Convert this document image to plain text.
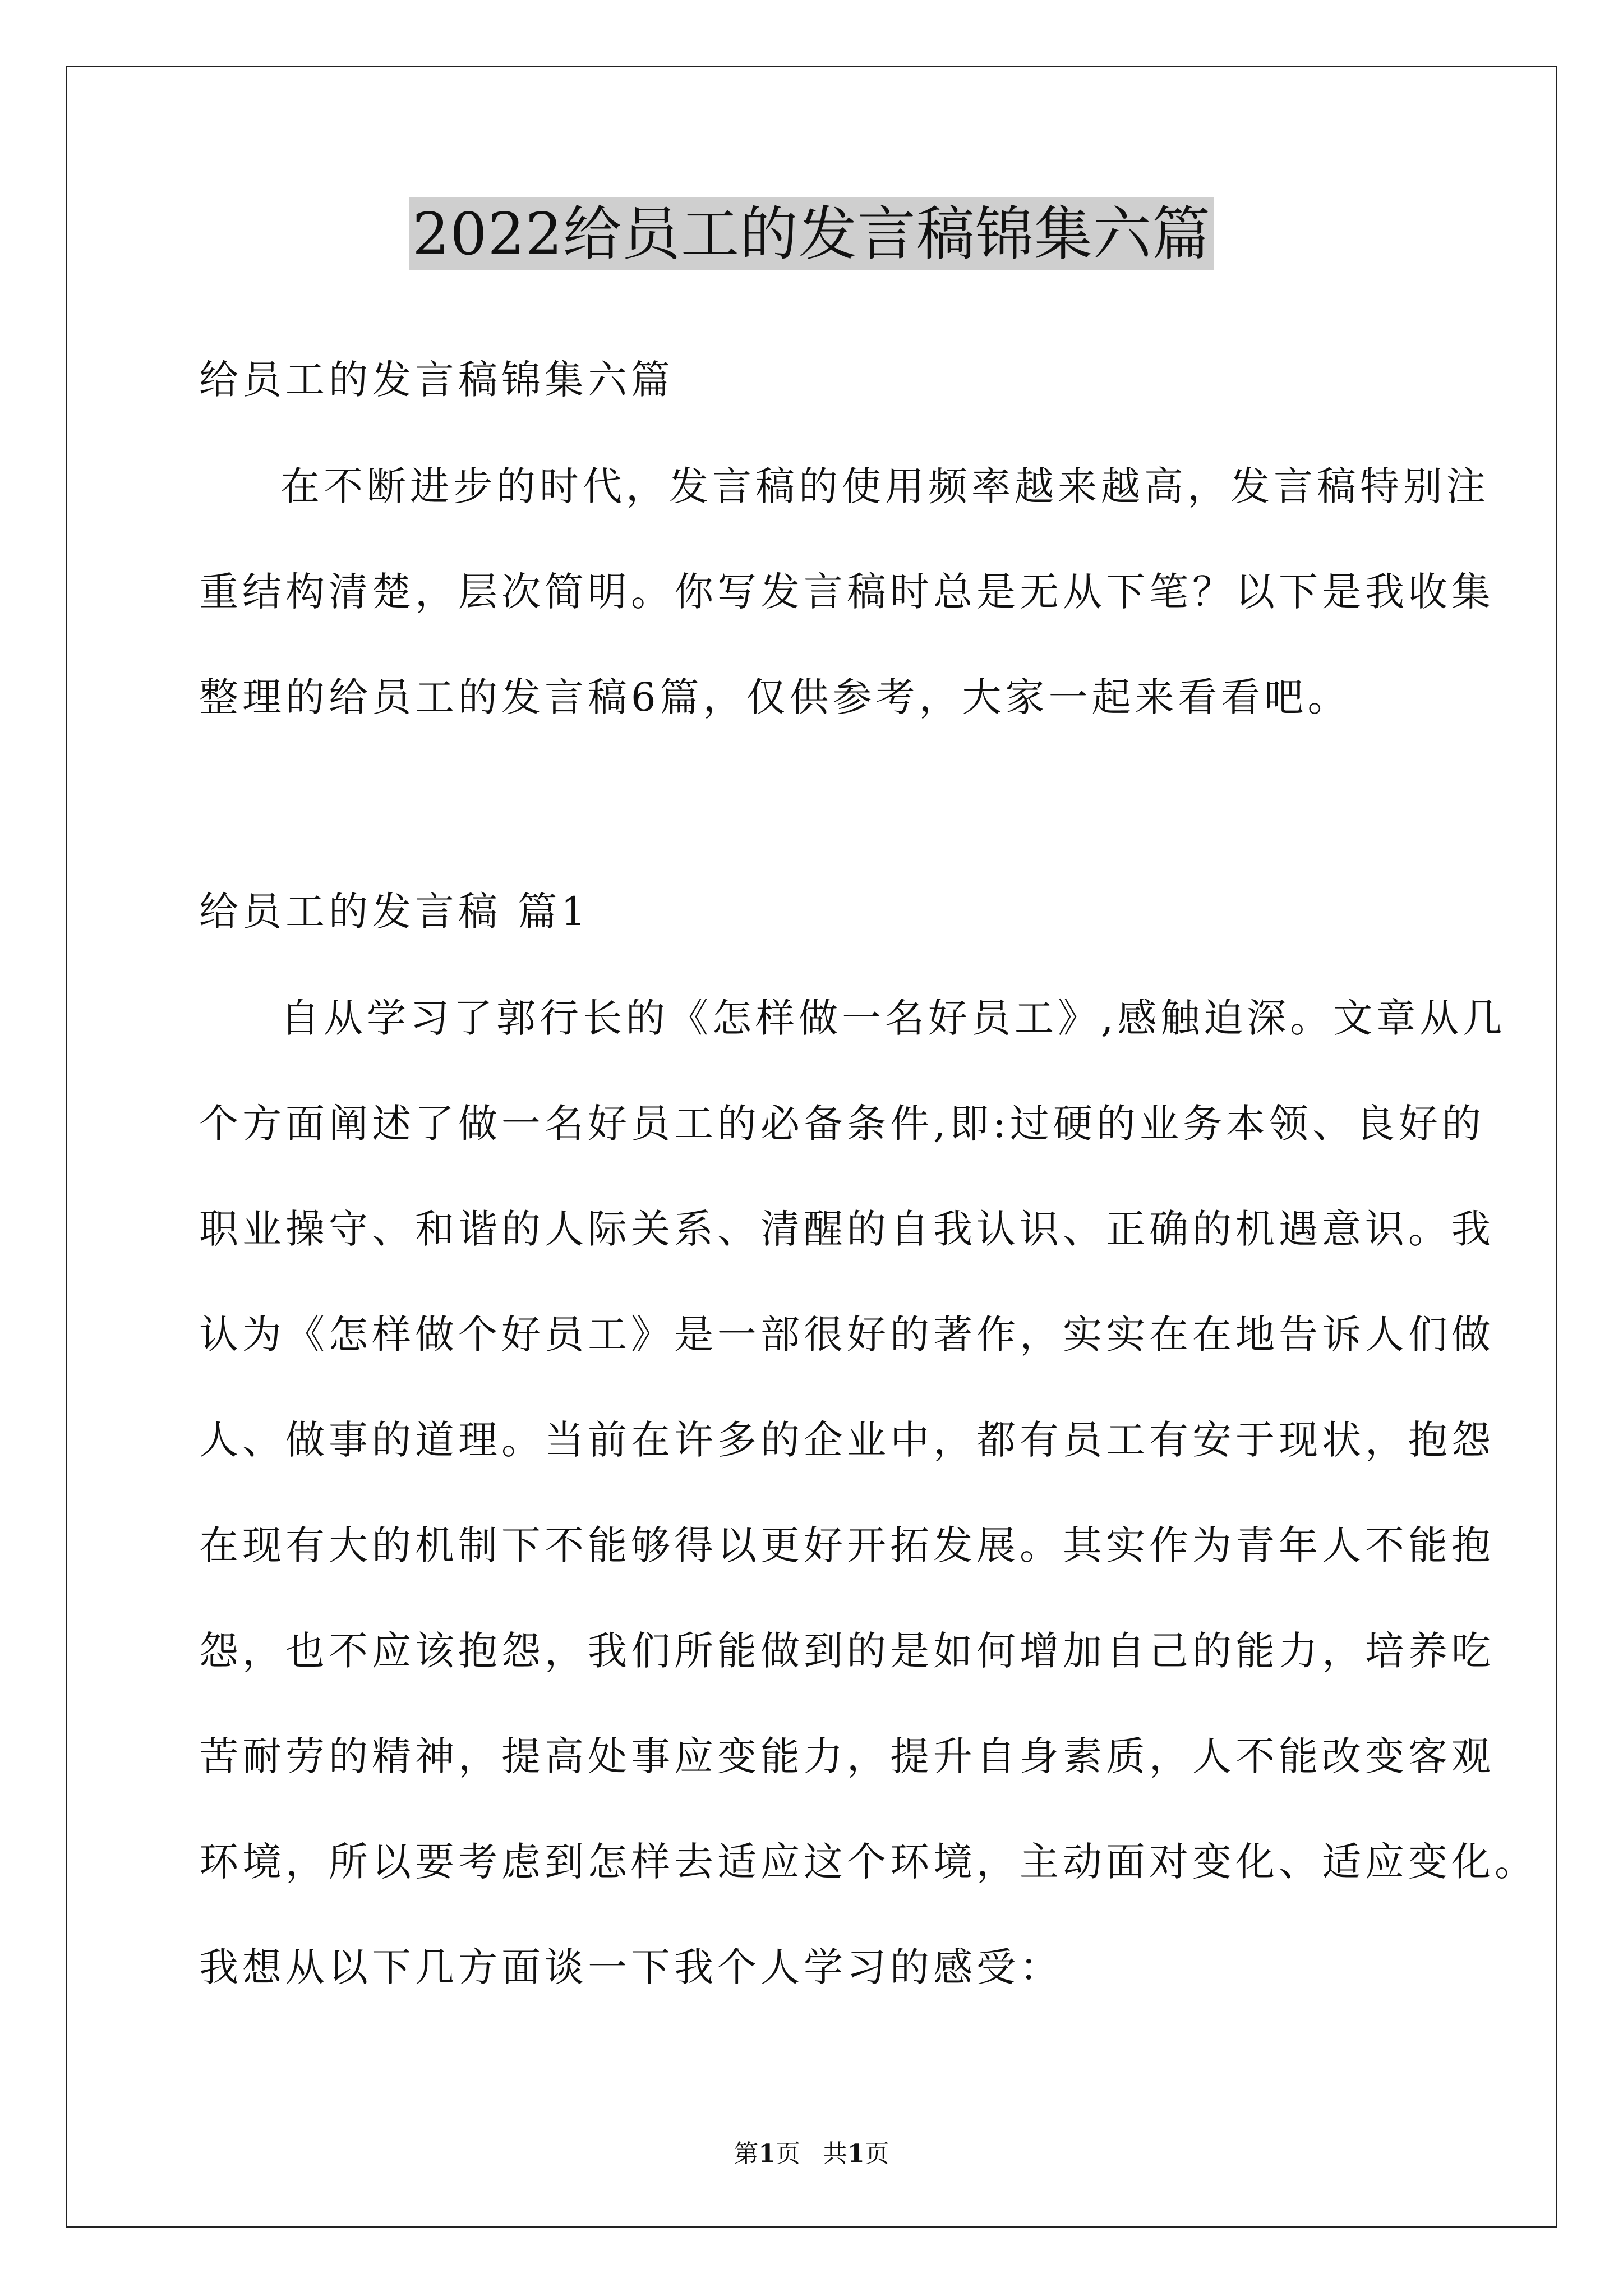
2022给员工的发言稿锦集六篇
给员工的发言稿锦集六篇
在不断进步的时代，发言稿的使用频率越来越高，发言稿特别注
重结构清楚，层次简明。你写发言稿时总是无从下笔？以下是我收集
整理的给员工的发言稿6篇，仅供参考，大家一起来看看吧。
给员工的发言稿 篇1
自从学习了郭行长的《怎样做一名好员工》,感触迫深。文章从几
个方面阐述了做一名好员工的必备条件,即:过硬的业务本领、良好的
职业操守、和谐的人际关系、清醒的自我认识、正确的机遇意识。我
认为《怎样做个好员工》是一部很好的著作，实实在在地告诉人们做
人、做事的道理。当前在许多的企业中，都有员工有安于现状，抱怨
在现有大的机制下不能够得以更好开拓发展。其实作为青年人不能抱
怨，也不应该抱怨，我们所能做到的是如何增加自己的能力，培养吃
苦耐劳的精神，提高处事应变能力，提升自身素质，人不能改变客观
环境，所以要考虑到怎样去适应这个环境，主动面对变化、适应变化。
我想从以下几方面谈一下我个人学习的感受：
第1页 共1页
